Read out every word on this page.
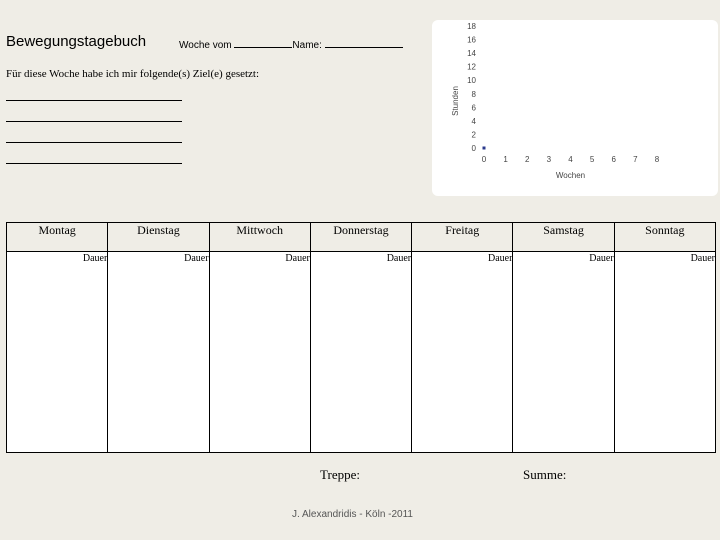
Bewegungstagebuch	Woche vom	Name:
Für diese Woche habe ich mir folgende(s) Ziel(e) gesetzt:
0
2
4
6
8
10
12
14
16
18
0 1 2 3 4 5 6 7 8
Wochen
Stunden
Montag	Dienstag	Mittwoch	Donnerstag	Freitag	Samstag	Sonntag

Dauer	Dauer	Dauer	Dauer	Dauer	Dauer	Dauer
Treppe:	Summe:
J. Alexandridis - Köln -2011
